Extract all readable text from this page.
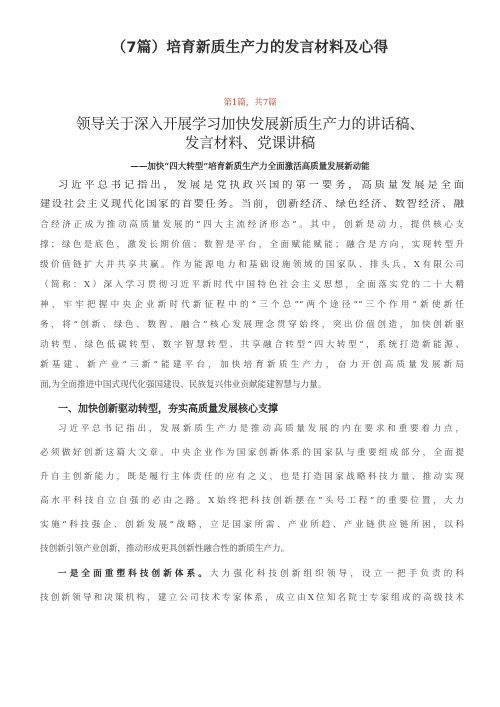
（7篇）培育新质生产力的发言材料及心得
第1篇，共7篇
领导关于深入开展学习加快发展新质生产力的讲话稿、
发言材料、党课讲稿
——加快“四大转型”培育新质生产力全面激活高质量发展新动能
习近平总书记指出，发展是党执政兴国的第一要务，高质量发展是全面
建设社会主义现代化国家的首要任务。当前，创新经济、绿色经济、数智经济、融
合经济正成为推动高质量发展的“四大主流经济形态”。其中，创新是动力，提供核心支
撑；绿色是底色，激发长期价值；数智是平台，全面赋能赋能；融合是方向，实现转型升
级价值链扩大并共享共赢。作为能源电力和基础设施领域的国家队、排头兵，X有限公司
（简称：X）深入学习贯彻习近平新时代中国特色社会主义思想，全面落实党的二十大精
神，牢牢把握中央企业新时代新征程中的“三个总”“两个途径”“三个作用”新使新任
务，将“创新、绿色、数智、融合”核心发展理念贯穿始终，突出价值创造，加快创新驱
动转型、绿色低碳转型、数字智慧转型、共享融合转型“四大转型”，系统打造新能源、
新基建、新产业“三新”能建平台，加快培育新质生产力，奋力开创高质量发展新局
面,为全面推进中国式现代化强国建设、民族复兴伟业贡献能建智慧与力量。
一、加快创新驱动转型，夯实高质量发展核心支撑
习近平总书记指出，发展新质生产力是推动高质量发展的内在要求和重要着力点，
必须做好创新这篇大文章。中央企业作为国家创新体系的国家队与重要组成部分，全面提
升自主创新能力，既是履行主体责任的应有之义，也是打造国家战略科技力量、推动实现
高水平科技自立自强的必由之路。X始终把科技创新摆在“头号工程”的重要位置，大力
实施“科技强企、创新发展”战略，立足国家所需、产业所趋、产业链供应链所困，以科
技创新引领产业创新，推动形成更具创新性融合性的新质生产力。
一是全面重塑科技创新体系。大力强化科技创新组织领导，设立一把手负责的科
技创新领导和决策机构，建立公司技术专家体系，成立由X位知名院士专家组成的高级技术
